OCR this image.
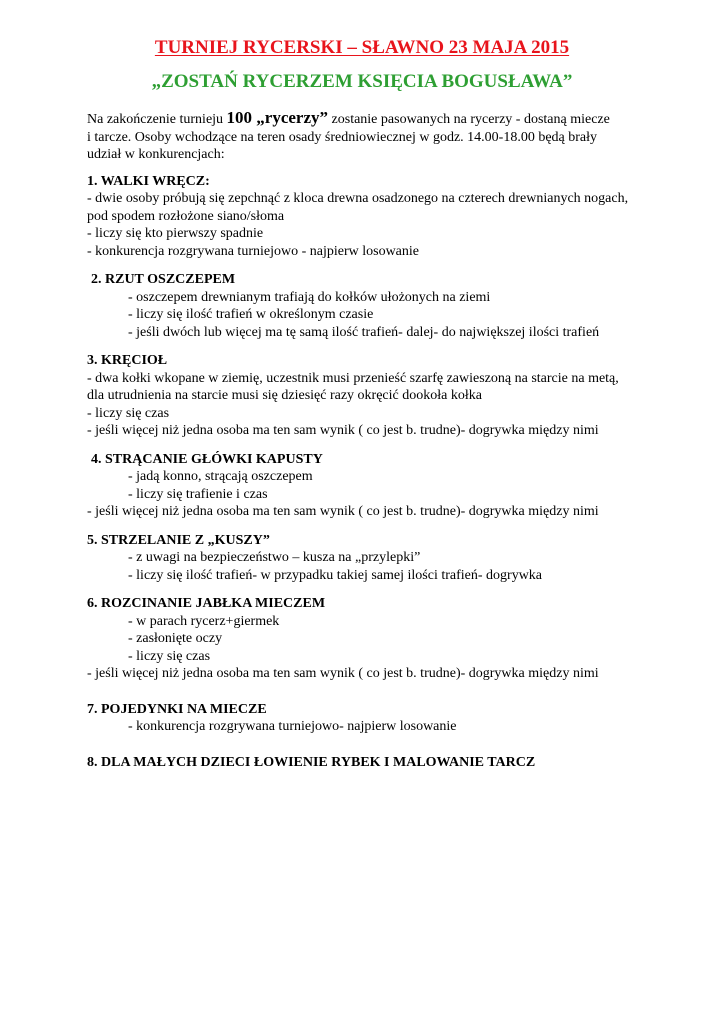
TURNIEJ RYCERSKI – SŁAWNO 23 MAJA 2015
„ZOSTAŃ RYCERZEM KSIĘCIA BOGUSŁAWA”
Na zakończenie turnieju 100 „rycerzy” zostanie pasowanych na rycerzy - dostaną miecze
i tarcze. Osoby wchodzące na teren osady średniowiecznej w godz. 14.00-18.00 będą brały
udział w konkurencjach:
1. WALKI WRĘCZ:
- dwie osoby próbują się zepchnąć z kloca drewna osadzonego na czterech drewnianych nogach,
pod spodem rozłożone siano/słoma
- liczy się kto pierwszy spadnie
- konkurencja rozgrywana turniejowo - najpierw losowanie
2. RZUT OSZCZEPEM
- oszczepem drewnianym trafiają do kołków ułożonych na ziemi
- liczy się ilość trafień w określonym czasie
- jeśli dwóch lub więcej ma tę samą ilość trafień- dalej- do największej ilości trafień
3. KRĘCIOŁ
- dwa kołki wkopane w ziemię, uczestnik musi przenieść szarfę zawieszoną na starcie na metą,
dla utrudnienia na starcie musi się dziesięć razy okręcić dookoła kołka
- liczy się czas
- jeśli więcej niż jedna osoba ma ten sam wynik ( co jest b. trudne)- dogrywka między nimi
4. STRĄCANIE GŁÓWKI KAPUSTY
- jadą konno, strącają oszczepem
- liczy się trafienie i czas
- jeśli więcej niż jedna osoba ma ten sam wynik ( co jest b. trudne)- dogrywka między nimi
5. STRZELANIE Z „KUSZY”
- z uwagi na bezpieczeństwo – kusza na „przylepki”
- liczy się ilość trafień- w przypadku takiej samej ilości trafień- dogrywka
6. ROZCINANIE JABŁKA MIECZEM
- w parach rycerz+giermek
- zasłonięte oczy
- liczy się czas
- jeśli więcej niż jedna osoba ma ten sam wynik ( co jest b. trudne)- dogrywka między nimi
7. POJEDYNKI NA MIECZE
- konkurencja rozgrywana turniejowo- najpierw losowanie
8. DLA MAŁYCH DZIECI ŁOWIENIE RYBEK I MALOWANIE TARCZ
